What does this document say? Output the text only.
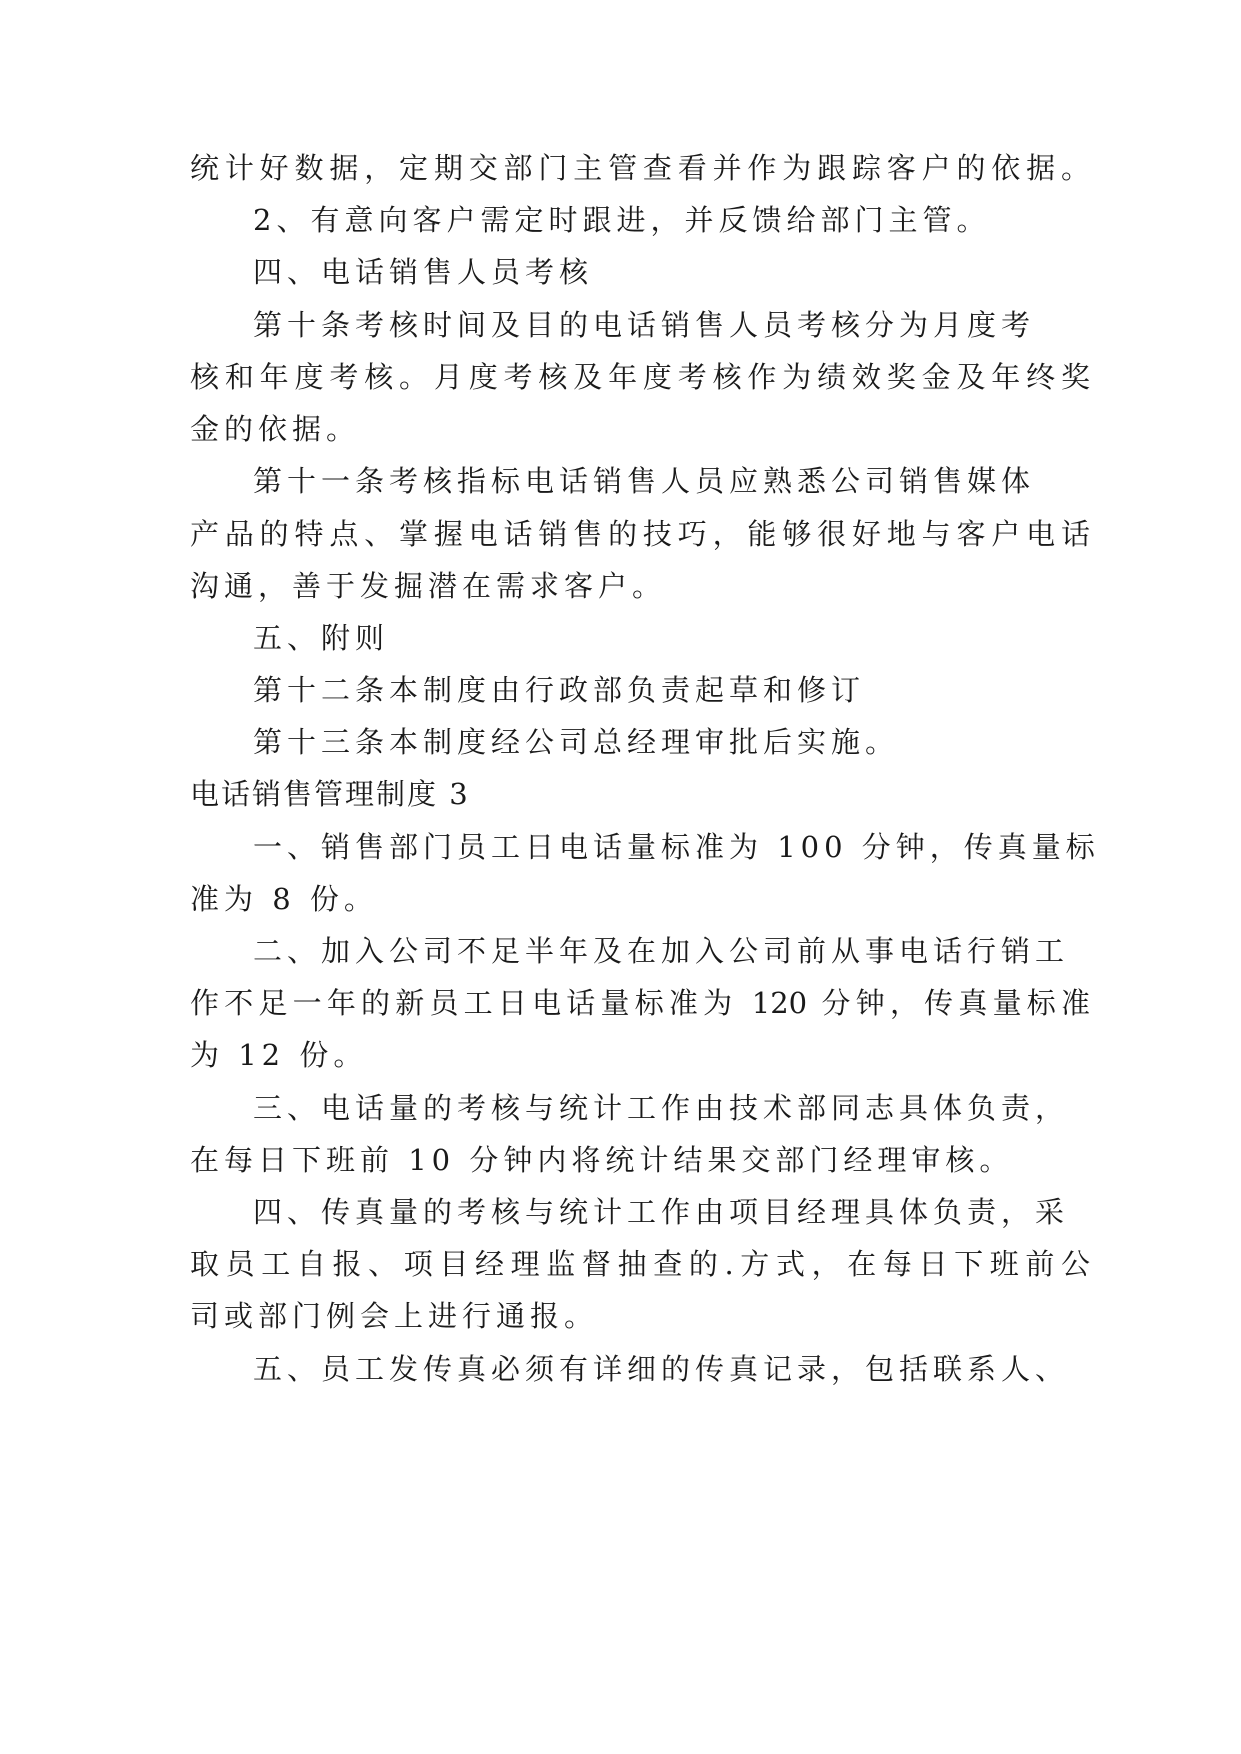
统计好数据，定期交部门主管查看并作为跟踪客户的依据。
2、有意向客户需定时跟进，并反馈给部门主管。
四、电话销售人员考核
第十条考核时间及目的电话销售人员考核分为月度考
核和年度考核。月度考核及年度考核作为绩效奖金及年终奖
金的依据。
第十一条考核指标电话销售人员应熟悉公司销售媒体
产品的特点、掌握电话销售的技巧，能够很好地与客户电话
沟通，善于发掘潜在需求客户。
五、附则
第十二条本制度由行政部负责起草和修订
第十三条本制度经公司总经理审批后实施。
电话销售管理制度 3
一、销售部门员工日电话量标准为 100 分钟，传真量标
准为 8 份。
二、加入公司不足半年及在加入公司前从事电话行销工
作不足一年的新员工日电话量标准为 120 分钟，传真量标准
为 12 份。
三、电话量的考核与统计工作由技术部同志具体负责，
在每日下班前 10 分钟内将统计结果交部门经理审核。
四、传真量的考核与统计工作由项目经理具体负责，采
取员工自报、项目经理监督抽查的.方式，在每日下班前公
司或部门例会上进行通报。
五、员工发传真必须有详细的传真记录，包括联系人、
